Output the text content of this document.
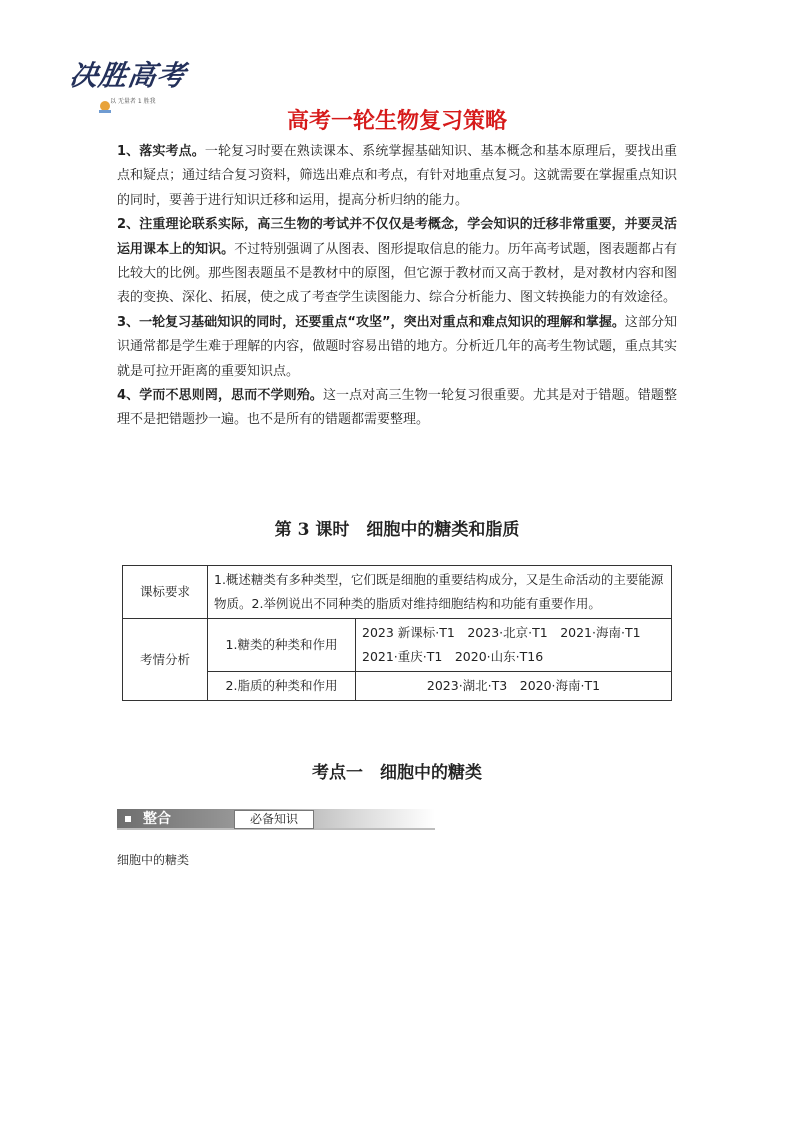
决胜高考
以 无量者 1 胜我
高考一轮生物复习策略

1、落实考点。一轮复习时要在熟读课本、系统掌握基础知识、基本概念和基本原理后，要找出重点和疑点；通过结合复习资料，筛选出难点和考点，有针对地重点复习。这就需要在掌握重点知识的同时，要善于进行知识迁移和运用，提高分析归纳的能力。

2、注重理论联系实际，高三生物的考试并不仅仅是考概念，学会知识的迁移非常重要，并要灵活运用课本上的知识。不过特别强调了从图表、图形提取信息的能力。历年高考试题，图表题都占有比较大的比例。那些图表题虽不是教材中的原图，但它源于教材而又高于教材，是对教材内容和图表的变换、深化、拓展，使之成了考查学生读图能力、综合分析能力、图文转换能力的有效途径。

3、一轮复习基础知识的同时，还要重点“攻坚”，突出对重点和难点知识的理解和掌握。这部分知识通常都是学生难于理解的内容，做题时容易出错的地方。分析近几年的高考生物试题，重点其实就是可拉开距离的重要知识点。

4、学而不思则罔，思而不学则殆。这一点对高三生物一轮复习很重要。尤其是对于错题。错题整理不是把错题抄一遍。也不是所有的错题都需要整理。

第 3 课时　细胞中的糖类和脂质
课标要求	1.概述糖类有多种类型，它们既是细胞的重要结构成分，又是生命活动的主要能源物质。2.举例说出不同种类的脂质对维持细胞结构和功能有重要作用。	
考情分析	1.糖类的种类和作用	2023 新课标·T1　2023·北京·T1　2021·海南·T1　2021·重庆·T1　2020·山东·T16
	2.脂质的种类和作用	2023·湖北·T3　2020·海南·T1
考点一　细胞中的糖类
整合	必备知识
细胞中的糖类
